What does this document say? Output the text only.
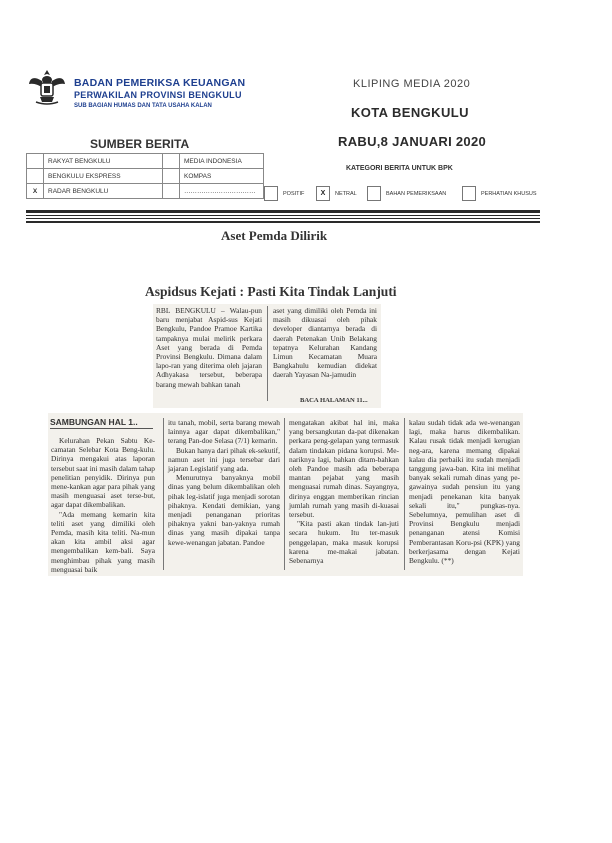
BADAN PEMERIKSA KEUANGAN
PERWAKILAN PROVINSI BENGKULU
SUB BAGIAN HUMAS DAN TATA USAHA KALAN
KLIPING MEDIA 2020
KOTA BENGKULU
RABU,8 JANUARI 2020
SUMBER BERITA
	RAKYAT BENGKULU		MEDIA INDONESIA
	BENGKULU EKSPRESS		KOMPAS
X	RADAR BENGKULU		……………………………
KATEGORI BERITA UNTUK BPK
POSITIF	X	NETRAL	BAHAN PEMERIKSAAN	PERHATIAN KHUSUS
Aset Pemda Dilirik
Aspidsus Kejati : Pasti Kita Tindak Lanjuti

RBL BENGKULU – Walau-pun baru menjabat Aspid-sus Kejati Bengkulu, Pandoe Pramoe Kartika tampaknya mulai melirik perkara Aset yang berada di Pemda Provinsi Bengkulu. Dimana dalam lapo-ran yang diterima oleh jajaran Adhyakasa tersebut, beberapa barang mewah bahkan tanah

aset yang dimiliki oleh Pemda ini masih dikuasai oleh pihak developer diantarnya berada di daerah Petenakan Unib Belakang tepatnya Kelurahan Kandang Limun Kecamatan Muara Bangkahulu kemudian didekat daerah Yayasan Na-jamudin

BACA HALAMAN 11...
SAMBUNGAN HAL 1..

Kelurahan Pekan Sabtu Ke-camatan Selebar Kota Beng-kulu. Dirinya mengakui atas laporan tersebut saat ini masih dalam tahap penelitian penyidik. Dirinya pun mene-kankan agar para pihak yang masih menguasai aset terse-but, agar dapat dikembalikan.

"Ada memang kemarin kita teliti aset yang dimiliki oleh Pemda, masih kita teliti. Na-mun akan kita ambil aksi agar mengembalikan kem-bali. Saya menghimbau pihak yang masih menguasai baik

itu tanah, mobil, serta barang mewah lainnya agar dapat dikembalikan," terang Pan-doe Selasa (7/1) kemarin.

Bukan hanya dari pihak ek-sekutif, namun aset ini juga tersebar dari jajaran Legislatif yang ada.

Menurutnya banyaknya mobil dinas yang belum dikembalikan oleh pihak leg-islatif juga menjadi sorotan pihaknya. Kendati demikian, yang menjadi penanganan prioritas pihaknya yakni ban-yaknya rumah dinas yang masih dipakai tanpa kewe-wenangan jabatan. Pandoe

mengatakan akibat hal ini, maka yang bersangkutan da-pat dikenakan perkara peng-gelapan yang termasuk dalam tindakan pidana korupsi. Me-nariknya lagi, bahkan ditam-bahkan oleh Pandoe masih ada beberapa mantan pejabat yang masih menguasai rumah dinas. Sayangnya, dirinya enggan memberikan rincian jumlah rumah yang masih di-kuasai tersebut.

"Kita pasti akan tindak lan-juti secara hukum. Itu ter-masuk penggelapan, maka masuk korupsi karena me-makai jabatan. Sebenarnya

kalau sudah tidak ada we-wenangan lagi, maka harus dikembalikan. Kalau rusak tidak menjadi kerugian neg-ara, karena memang dipakai kalau dia perbaiki itu sudah menjadi tanggung jawa-ban. Kita ini melihat banyak sekali rumah dinas yang pe-gawainya sudah pensiun itu yang menjadi penekanan kita banyak sekali itu," pungkas-nya. Sebelumnya, pemulihan aset di Provinsi Bengkulu menjadi penanganan atensi Komisi Pemberantasan Koru-psi (KPK) yang berkerjasama dengan Kejati Bengkulu. (**)
